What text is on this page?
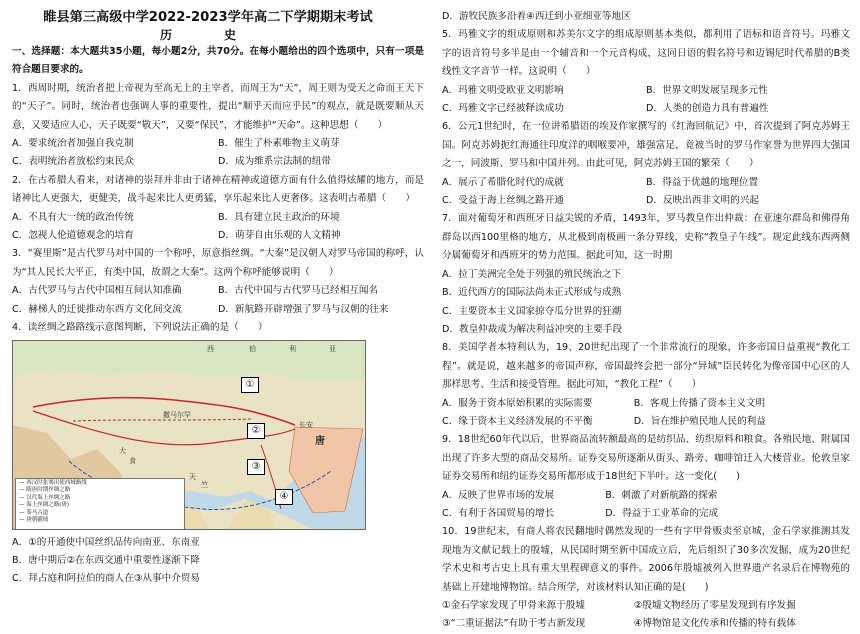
睢县第三高级中学2022-2023学年高二下学期期末考试

历　史

一、选择题：本大题共35小题，每小题2分，共70分。在每小题给出的四个选项中，只有一项是符合题目要求的。

1．西周时期，统治者把上帝视为至高无上的主宰者，而周王为“天”，周王则为受天之命而王天下的“天子”。同时，统治者也强调人事的重要性，提出“顺乎天而应乎民”的观点，就是既要顺从天意，又要适应人心，天子既要“敬天”，又要“保民”，才能维护“天命”。这种思想（　　）

A．要求统治者加强自我克制	B．催生了朴素唯物主义萌芽
C．表明统治者放松约束民众	D．成为维系宗法制的纽带

2．在古希腊人看来，对诸神的崇拜并非由于诸神在精神或道德方面有什么值得炫耀的地方，而是诸神比人更强大，更健美，战斗起来比人更勇猛，享乐起来比人更奢侈。这表明古希腊（　　）

A．不具有大一统的政治传统	B．具有建立民主政治的环境
C．忽视人伦道德观念的培育	D．萌芽自由乐观的人文精神

3．“赛里斯”是古代罗马对中国的一个称呼，原意指丝绸。“大秦”是汉朝人对罗马帝国的称呼，认为“其人民长大平正，有类中国，故谓之大秦”。这两个称呼能够说明（　　）

A．古代罗马与古代中国相互间认知准确	B．古代中国与古代罗马已经相互闻名
C．赫梯人的迁徙推动东西方文化间交流	D．新航路开辟增强了罗马与汉朝的往来

4．读丝绸之路路线示意图判断，下列说法正确的是（　　）

①
②
③
④
西	伯	利	亚
唐
天
竺
大
食
撒马尔罕
长安
— 西汉时张骞出使西域路线
— 隋唐时期丝绸之路
— 汉代海上丝绸之路
— 海上丝绸之路(唐)
— 茶马古道
— 唐朝疆域

A．①的开通使中国丝织品传向南亚、东南亚

B．唐中期后②在东西交通中重要性逐渐下降

C．拜占庭和阿拉伯的商人在③从事中介贸易

D．游牧民族多沿着④西迁到小亚细亚等地区

5．玛雅文字的组成原则和苏美尔文字的组成原则基本类似，都利用了语标和语音符号。玛雅文字的语音符号多半是由一个辅音和一个元音构成，这同日语的假名符号和迈锡尼时代希腊的B类线性文字音节一样。这说明（　　）

A．玛雅文明受欧亚文明影响	B．世界文明发展呈现多元性
C．玛雅文字已经被释读成功	D．人类的创造力具有普遍性

6．公元1世纪时，在一位讲希腊语的埃及作家撰写的《红海回航记》中，首次提到了阿克苏姆王国。阿克苏姆扼红海通往印度洋的咽喉要冲，雄强富足，竟被当时的罗马作家誉为世界四大强国之一，同波斯、罗马和中国并列。由此可见，阿克苏姆王国的繁荣（　　）

A．展示了希腊化时代的成就	B．得益于优越的地理位置
C．受益于海上丝绸之路开通	D．反映出西非文明的兴起

7．面对葡萄牙和西班牙日益尖锐的矛盾，1493年，罗马教皇作出仲裁：在亚速尔群岛和佛得角群岛以西100里格的地方，从北极到南极画一条分界线，史称“教皇子午线”。规定此线东西两侧分属葡萄牙和西班牙的势力范围。据此可知，这一时期

A．拉丁美洲完全处于列强的殖民统治之下

B．近代西方的国际法尚未正式形成与成熟

C．主要资本主义国家掠夺瓜分世界的狂潮

D．教皇仲裁成为解决利益冲突的主要手段

8．美国学者本特利认为，19、20世纪出现了一个非常流行的现象，许多帝国日益重视“教化工程”。就是说，越来越多的帝国声称，帝国最终会把一部分“异域”臣民转化为像帝国中心区的人那样思考、生活和接受管理。据此可知，“教化工程”（　　）

A．服务于资本原始积累的实际需要	B．客观上传播了资本主义文明
C．缘于资本主义经济发展的不平衡	D．旨在维护殖民地人民的利益

9．18世纪60年代以后，世界商品流转额最高的是纺织品、纺织原料和粮食。各殖民地、附属国出现了许多大型的商品交易所。证券交易所逐渐从街头、路旁、咖啡馆迁入大楼营业。伦敦皇家证券交易所和纽约证券交易所都形成于18世纪下半叶。这一变化(　　)

A．反映了世界市场的发展	B．刺激了对新航路的探索
C．有利于各国贸易的增长	D．得益于工业革命的完成

10．19世纪末，有商人将农民翻地时偶然发现的一些有字甲骨贩卖至京城，金石学家推测其发现地为文献记载上的殷墟，从民国时期至新中国成立后，先后组织了30多次发掘，成为20世纪学术史和考古史上具有重大里程碑意义的事件。2006年殷墟被列入世界遗产名录后在博物苑的基础上开建地博物馆。结合所学，对该材料认知正确的是(　　)

①金石学家发现了甲骨来源于殷墟	②殷墟文物经历了零星发现到有序发掘
③“二重证据法”有助于考古新发现	④博物馆是文化传承和传播的特有载体
